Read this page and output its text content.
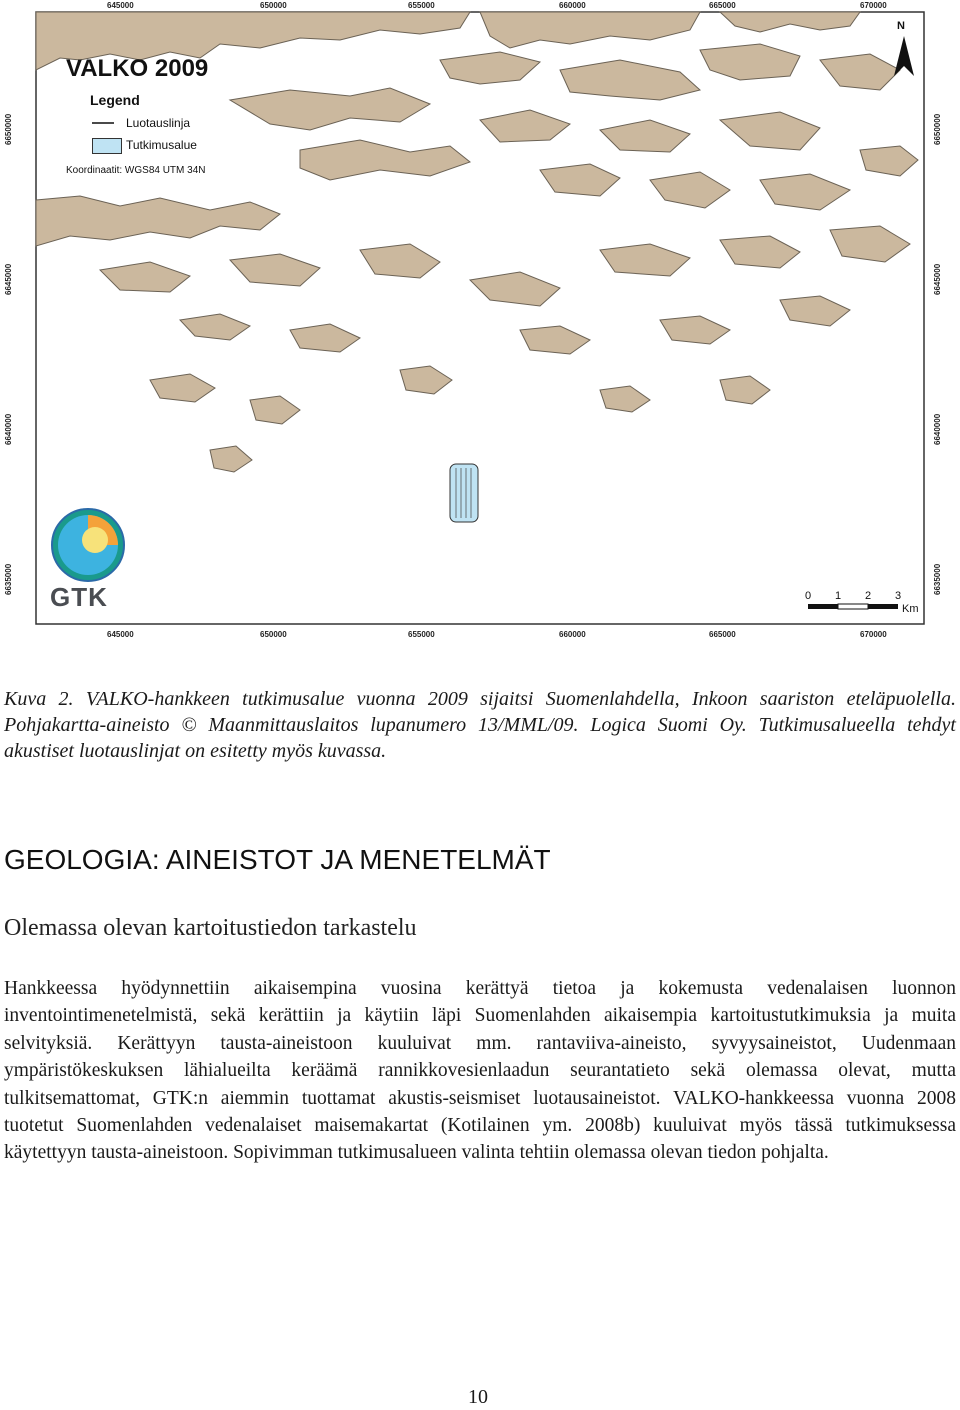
645000	650000	655000	660000	665000	670000
645000	650000	655000	660000	665000	670000
6650000
6645000
6640000
6635000
6650000
6645000
6640000
6635000
VALKO 2009
Legend
Luotauslinja
Tutkimusalue
Koordinaatit: WGS84 UTM 34N
N
0 1 2 3
Km
GTK

Kuva 2. VALKO-hankkeen tutkimusalue vuonna 2009 sijaitsi Suomenlahdella, Inkoon saariston eteläpuolella. Pohjakartta-aineisto © Maanmittauslaitos lupanumero 13/MML/09. Logica Suomi Oy. Tutkimusalueella tehdyt akustiset luotauslinjat on esitetty myös kuvassa.

GEOLOGIA: AINEISTOT JA MENETELMÄT
Olemassa olevan kartoitustiedon tarkastelu

Hankkeessa hyödynnettiin aikaisempina vuosina kerättyä tietoa ja kokemusta vedenalaisen luonnon inventointimenetelmistä, sekä kerättiin ja käytiin läpi Suomenlahden aikaisempia kartoitustutkimuksia ja muita selvityksiä. Kerättyyn tausta-aineistoon kuuluivat mm. rantaviiva-aineisto, syvyysaineistot, Uudenmaan ympäristökeskuksen lähialueilta keräämä rannikkovesienlaadun seurantatieto sekä olemassa olevat, mutta tulkitsemattomat, GTK:n aiemmin tuottamat akustis-seismiset luotausaineistot. VALKO-hankkeessa vuonna 2008 tuotetut Suomenlahden vedenalaiset maisemakartat (Kotilainen ym. 2008b) kuuluivat myös tässä tutkimuksessa käytettyyn tausta-aineistoon. Sopivimman tutkimusalueen valinta tehtiin olemassa olevan tiedon pohjalta.

10
